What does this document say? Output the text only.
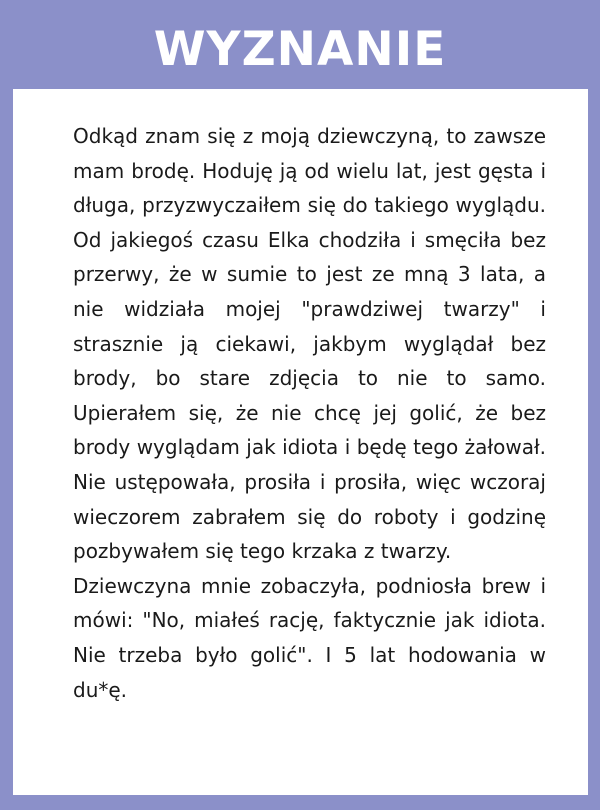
WYZNANIE

Odkąd znam się z moją dziewczyną, to zawsze mam brodę. Hoduję ją od wielu lat, jest gęsta i długa, przyzwyczaiłem się do takiego wyglądu. Od jakiegoś czasu Elka chodziła i smęciła bez przerwy, że w sumie to jest ze mną 3 lata, a nie widziała mojej "prawdziwej twarzy" i strasznie ją ciekawi, jakbym wyglądał bez brody, bo stare zdjęcia to nie to samo. Upierałem się, że nie chcę jej golić, że bez brody wyglądam jak idiota i będę tego żałował. Nie ustępowała, prosiła i prosiła, więc wczoraj wieczorem zabrałem się do roboty i godzinę pozbywałem się tego krzaka z twarzy.
Dziewczyna mnie zobaczyła, podniosła brew i mówi: "No, miałeś rację, faktycznie jak idiota. Nie trzeba było golić". I 5 lat hodowania w du*ę.
